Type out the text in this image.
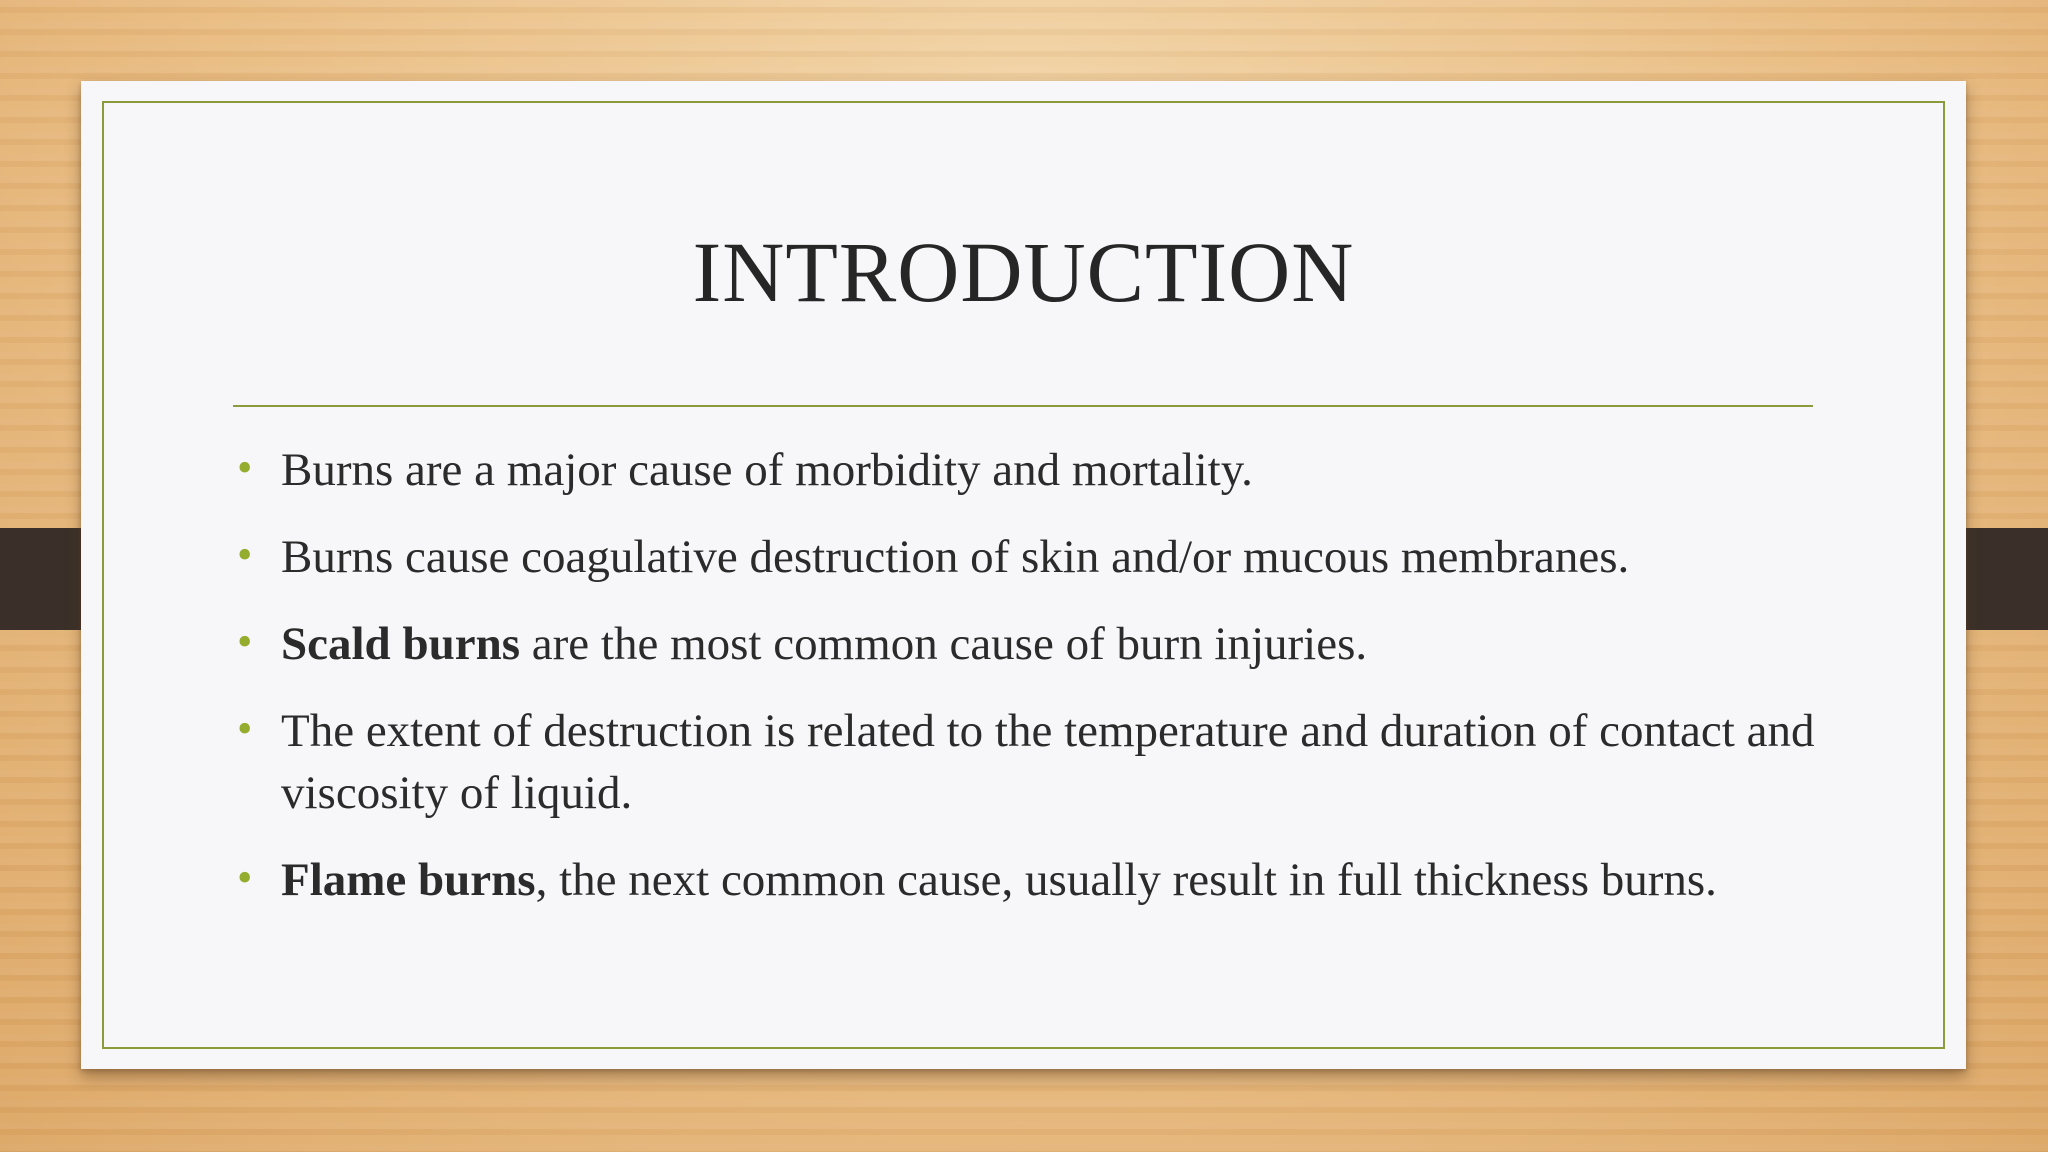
INTRODUCTION
• Burns are a major cause of morbidity and mortality.
• Burns cause coagulative destruction of skin and/or mucous membranes.
• Scald burns are the most common cause of burn injuries.
• The extent of destruction is related to the temperature and duration of contact and viscosity of liquid.
• Flame burns, the next common cause, usually result in full thickness burns.
